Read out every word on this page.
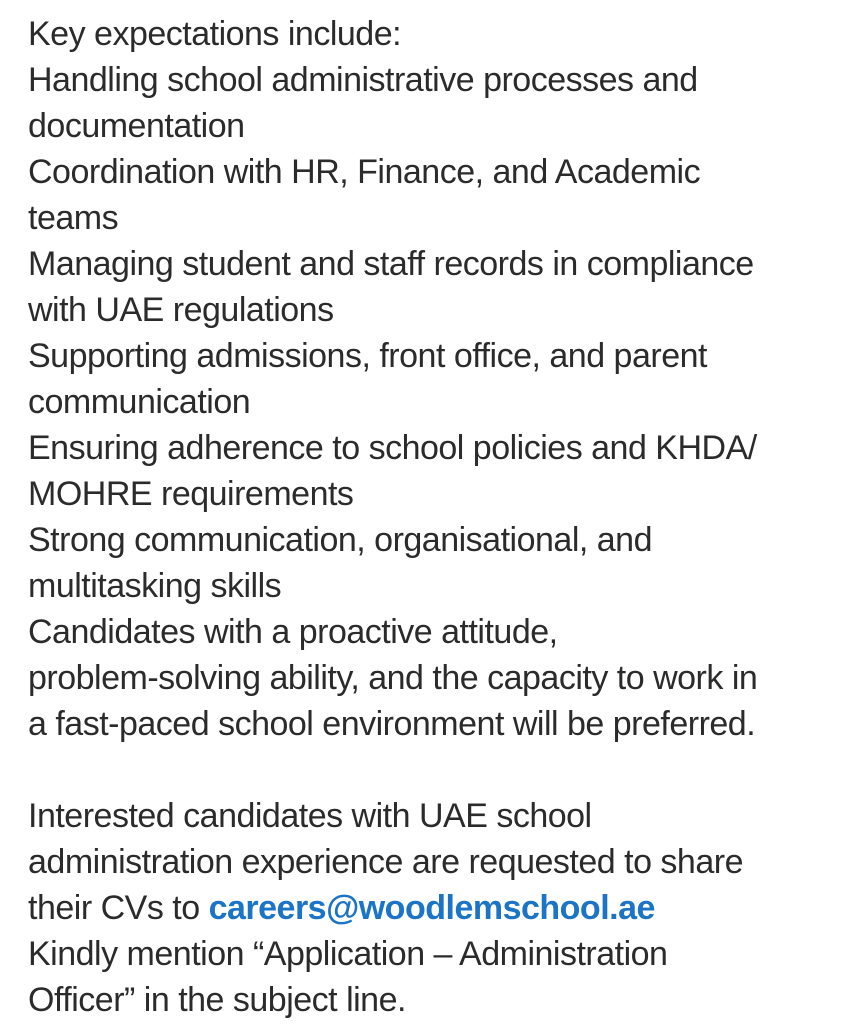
Key expectations include:
Handling school administrative processes and
documentation
Coordination with HR, Finance, and Academic
teams
Managing student and staff records in compliance
with UAE regulations
Supporting admissions, front office, and parent
communication
Ensuring adherence to school policies and KHDA/
MOHRE requirements
Strong communication, organisational, and
multitasking skills
Candidates with a proactive attitude,
problem-solving ability, and the capacity to work in
a fast-paced school environment will be preferred.
Interested candidates with UAE school
administration experience are requested to share
their CVs to careers@woodlemschool.ae
Kindly mention “Application – Administration
Officer” in the subject line.
